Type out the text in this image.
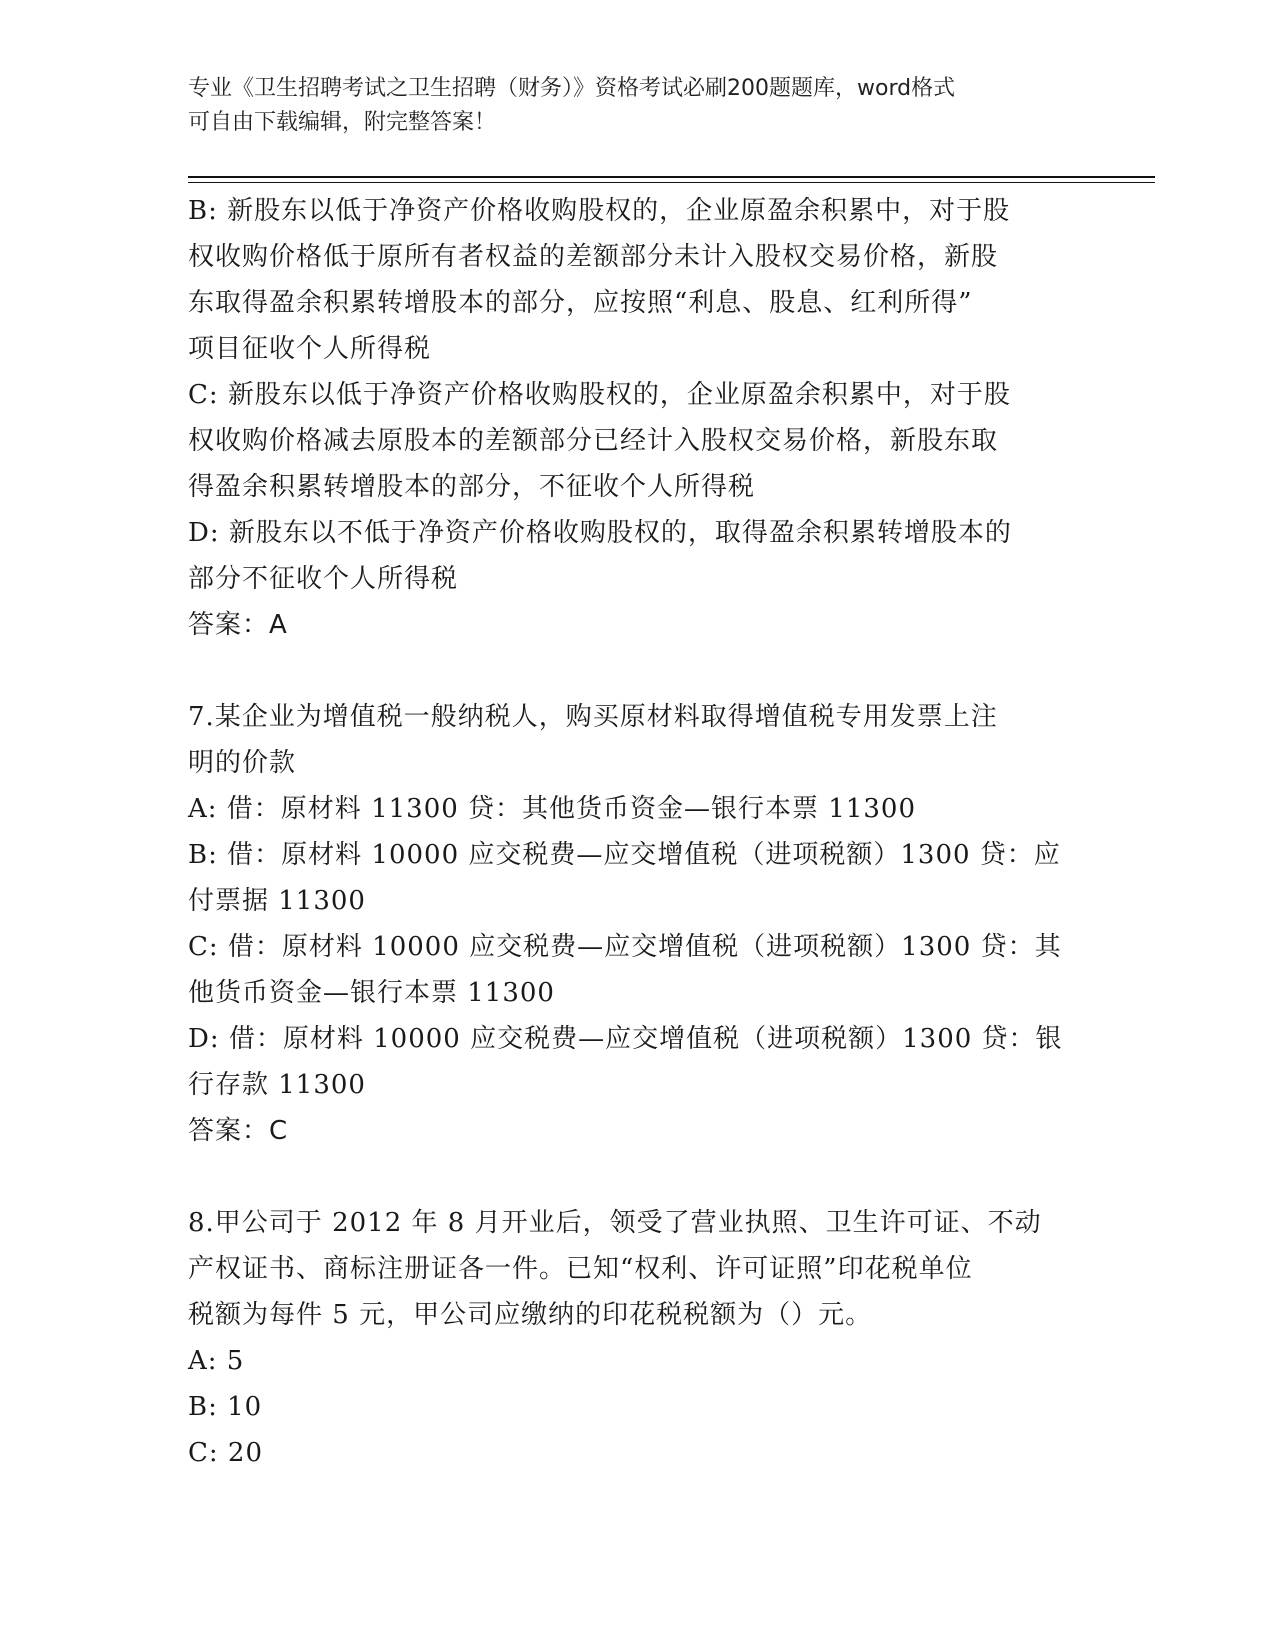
专业《卫生招聘考试之卫生招聘（财务）》资格考试必刷200题题库，word格式
可自由下载编辑，附完整答案！
B: 新股东以低于净资产价格收购股权的，企业原盈余积累中，对于股
权收购价格低于原所有者权益的差额部分未计入股权交易价格，新股
东取得盈余积累转增股本的部分，应按照“利息、股息、红利所得”
项目征收个人所得税
C: 新股东以低于净资产价格收购股权的，企业原盈余积累中，对于股
权收购价格减去原股本的差额部分已经计入股权交易价格，新股东取
得盈余积累转增股本的部分，不征收个人所得税
D: 新股东以不低于净资产价格收购股权的，取得盈余积累转增股本的
部分不征收个人所得税
答案：A
7.某企业为增值税一般纳税人，购买原材料取得增值税专用发票上注
明的价款
A: 借：原材料 11300 贷：其他货币资金—银行本票 11300
B: 借：原材料 10000 应交税费—应交增值税（进项税额）1300 贷：应
付票据 11300
C: 借：原材料 10000 应交税费—应交增值税（进项税额）1300 贷：其
他货币资金—银行本票 11300
D: 借：原材料 10000 应交税费—应交增值税（进项税额）1300 贷：银
行存款 11300
答案：C
8.甲公司于 2012 年 8 月开业后，领受了营业执照、卫生许可证、不动
产权证书、商标注册证各一件。已知“权利、许可证照”印花税单位
税额为每件 5 元，甲公司应缴纳的印花税税额为（）元。
A: 5
B: 10
C: 20
